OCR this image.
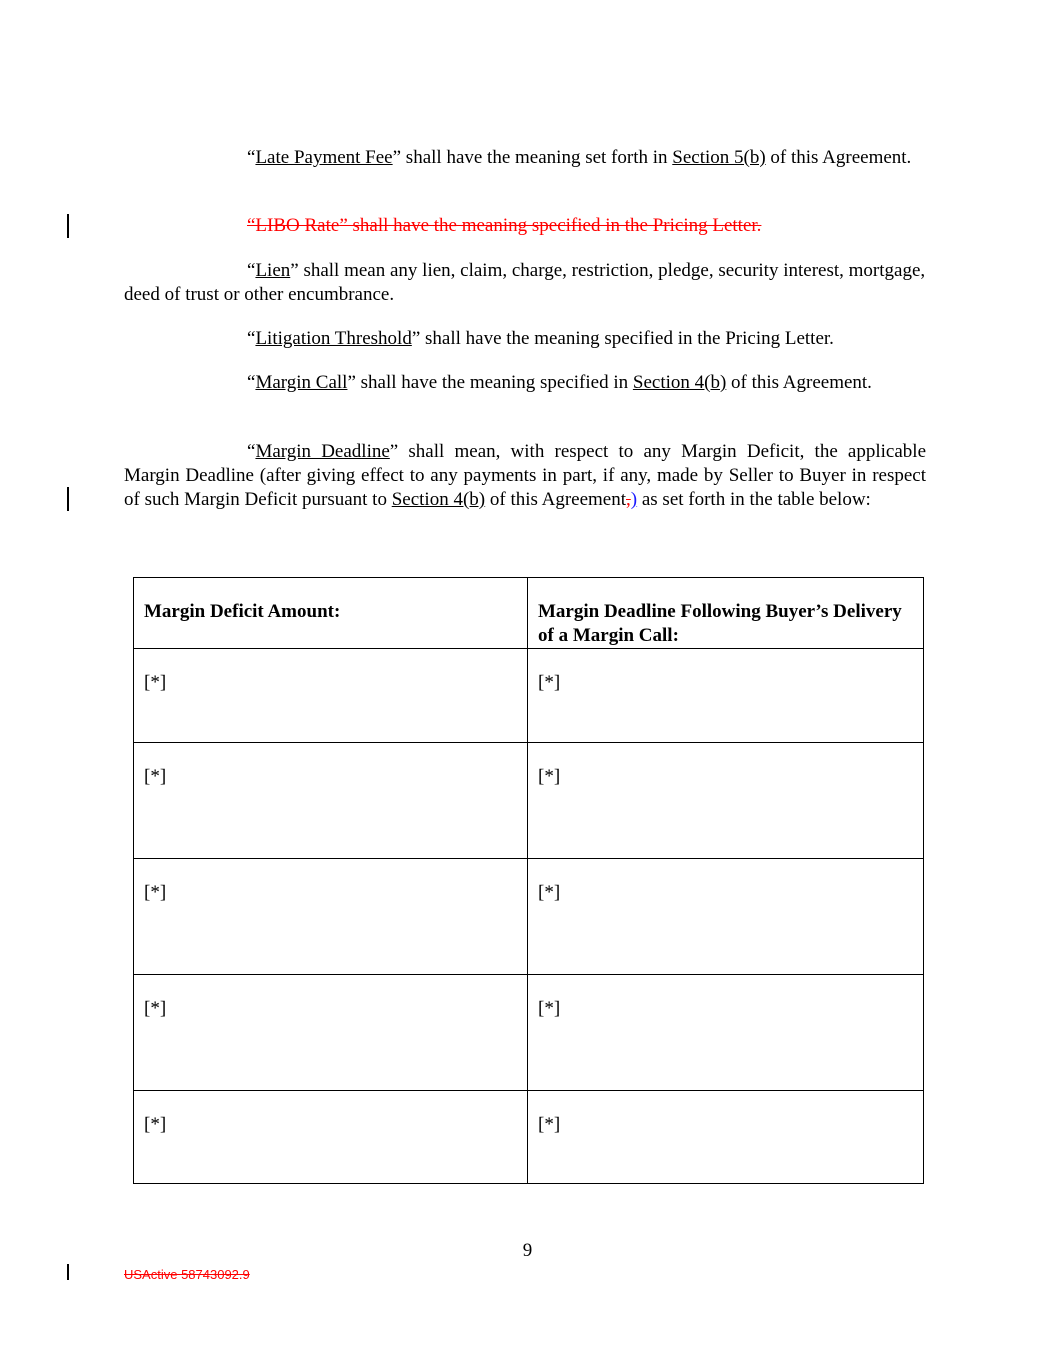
“Late Payment Fee” shall have the meaning set forth in Section 5(b) of this Agreement.

“LIBO Rate” shall have the meaning specified in the Pricing Letter.

“Lien” shall mean any lien, claim, charge, restriction, pledge, security interest, mortgage, deed of trust or other encumbrance.

“Litigation Threshold” shall have the meaning specified in the Pricing Letter.

“Margin Call” shall have the meaning specified in Section 4(b) of this Agreement.

“Margin Deadline” shall mean, with respect to any Margin Deficit, the applicable Margin Deadline (after giving effect to any payments in part, if any, made by Seller to Buyer in respect of such Margin Deficit pursuant to Section 4(b) of this Agreement,) as set forth in the table below:

Margin Deficit Amount:	Margin Deadline Following Buyer’s Delivery of a Margin Call:
[*]	[*]
[*]	[*]
[*]	[*]
[*]	[*]
[*]	[*]
9
USActive 58743092.9
